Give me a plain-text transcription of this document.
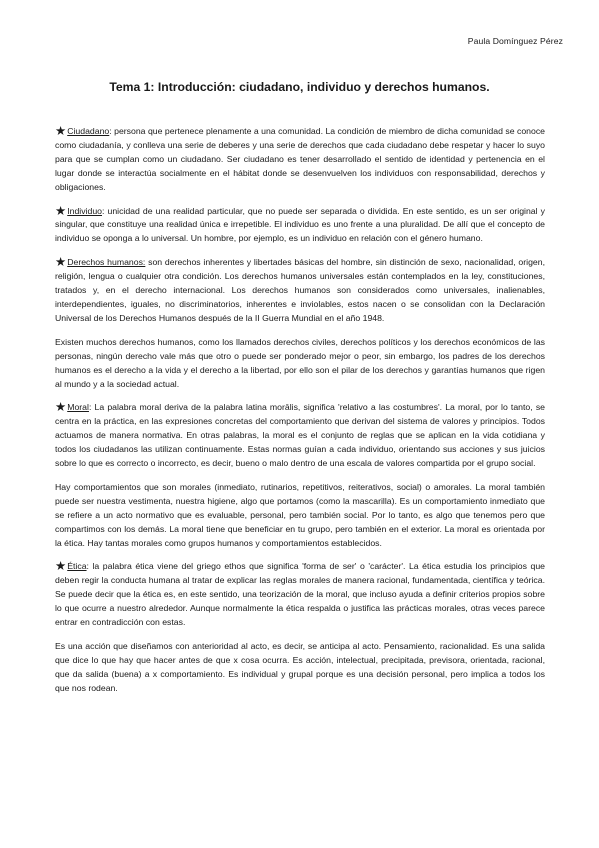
Paula Domínguez Pérez
Tema 1: Introducción: ciudadano, individuo y derechos humanos.

★Ciudadano: persona que pertenece plenamente a una comunidad. La condición de miembro de dicha comunidad se conoce como ciudadanía, y conlleva una serie de deberes y una serie de derechos que cada ciudadano debe respetar y hacer lo suyo para que se cumplan como un ciudadano. Ser ciudadano es tener desarrollado el sentido de identidad y pertenencia en el lugar donde se interactúa socialmente en el hábitat donde se desenvuelven los individuos con responsabilidad, derechos y obligaciones.

★Individuo: unicidad de una realidad particular, que no puede ser separada o dividida. En este sentido, es un ser original y singular, que constituye una realidad única e irrepetible. El individuo es uno frente a una pluralidad. De allí que el concepto de individuo se oponga a lo universal. Un hombre, por ejemplo, es un individuo en relación con el género humano.

★Derechos humanos: son derechos inherentes y libertades básicas del hombre, sin distinción de sexo, nacionalidad, origen, religión, lengua o cualquier otra condición. Los derechos humanos universales están contemplados en la ley, constituciones, tratados y, en el derecho internacional. Los derechos humanos son considerados como universales, inalienables, interdependientes, iguales, no discriminatorios, inherentes e inviolables, estos nacen o se consolidan con la Declaración Universal de los Derechos Humanos después de la II Guerra Mundial en el año 1948.

Existen muchos derechos humanos, como los llamados derechos civiles, derechos políticos y los derechos económicos de las personas, ningún derecho vale más que otro o puede ser ponderado mejor o peor, sin embargo, los padres de los derechos humanos es el derecho a la vida y el derecho a la libertad, por ello son el pilar de los derechos y garantías humanos que rigen al mundo y a la sociedad actual.

★Moral: La palabra moral deriva de la palabra latina morālis, significa 'relativo a las costumbres'. La moral, por lo tanto, se centra en la práctica, en las expresiones concretas del comportamiento que derivan del sistema de valores y principios. Todos actuamos de manera normativa. En otras palabras, la moral es el conjunto de reglas que se aplican en la vida cotidiana y todos los ciudadanos las utilizan continuamente. Estas normas guían a cada individuo, orientando sus acciones y sus juicios sobre lo que es correcto o incorrecto, es decir, bueno o malo dentro de una escala de valores compartida por el grupo social.

Hay comportamientos que son morales (inmediato, rutinarios, repetitivos, reiterativos, social) o amorales. La moral también puede ser nuestra vestimenta, nuestra higiene, algo que portamos (como la mascarilla). Es un comportamiento inmediato que se refiere a un acto normativo que es evaluable, personal, pero también social. Por lo tanto, es algo que tenemos pero que compartimos con los demás. La moral tiene que beneficiar en tu grupo, pero también en el exterior. La moral es orientada por la ética. Hay tantas morales como grupos humanos y comportamientos establecidos.

★Ética: la palabra ética viene del griego ethos que significa 'forma de ser' o 'carácter'. La ética estudia los principios que deben regir la conducta humana al tratar de explicar las reglas morales de manera racional, fundamentada, científica y teórica. Se puede decir que la ética es, en este sentido, una teorización de la moral, que incluso ayuda a definir criterios propios sobre lo que ocurre a nuestro alrededor. Aunque normalmente la ética respalda o justifica las prácticas morales, otras veces parece entrar en contradicción con estas.

Es una acción que diseñamos con anterioridad al acto, es decir, se anticipa al acto. Pensamiento, racionalidad. Es una salida que dice lo que hay que hacer antes de que x cosa ocurra. Es acción, intelectual, precipitada, previsora, orientada, racional, que da salida (buena) a x comportamiento. Es individual y grupal porque es una decisión personal, pero implica a todos los que nos rodean.
